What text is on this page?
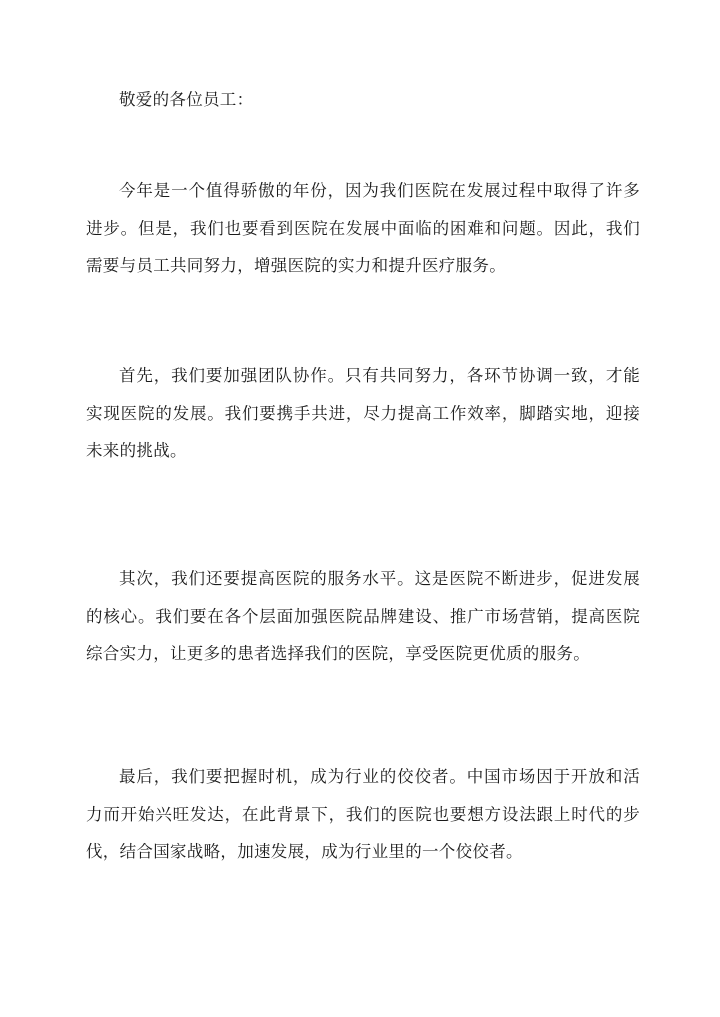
敬爱的各位员工：
今年是一个值得骄傲的年份，因为我们医院在发展过程中取得了许多
进步。但是，我们也要看到医院在发展中面临的困难和问题。因此，我们
需要与员工共同努力，增强医院的实力和提升医疗服务。
首先，我们要加强团队协作。只有共同努力，各环节协调一致，才能
实现医院的发展。我们要携手共进，尽力提高工作效率，脚踏实地，迎接
未来的挑战。
其次，我们还要提高医院的服务水平。这是医院不断进步，促进发展
的核心。我们要在各个层面加强医院品牌建设、推广市场营销，提高医院
综合实力，让更多的患者选择我们的医院，享受医院更优质的服务。
最后，我们要把握时机，成为行业的佼佼者。中国市场因于开放和活
力而开始兴旺发达，在此背景下，我们的医院也要想方设法跟上时代的步
伐，结合国家战略，加速发展，成为行业里的一个佼佼者。
